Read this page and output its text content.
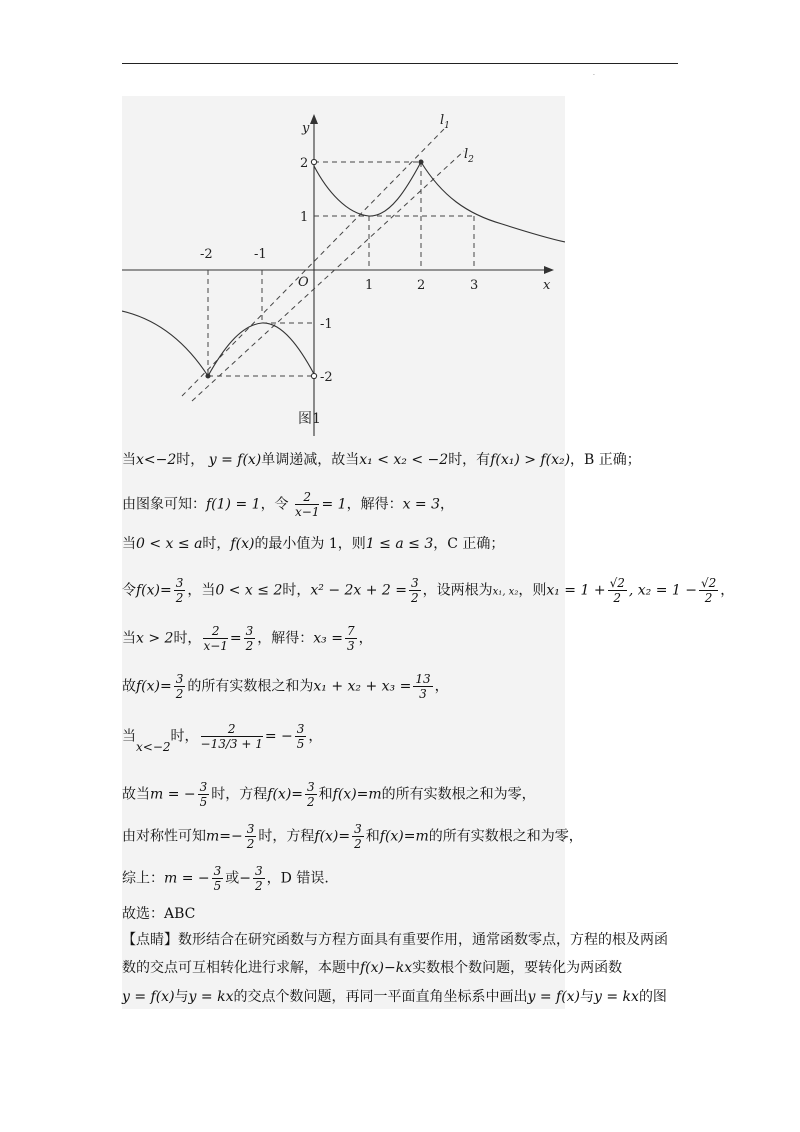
·
y
x
O
$l_1$
$l_2$
-2	-1
1	2	3
2
1
-1
-2
图1
当x<−2时， y = f(x)单调递减，故当x₁ < x₂ < −2时，有f(x₁) > f(x₂)，B 正确；
由图象可知：f(1) = 1，令 $\frac{2}{x-1} = 1$，解得：x = 3，
当0 < x ≤ a时，f(x)的最小值为 1，则1 ≤ a ≤ 3，C 正确；
令$f(x)= \frac{3}{2}$ ，当0 < x ≤ 2时，$x^2 - 2x + 2 = \frac{3}{2}$ ，设两根为x₁, x₂，则$x_1 = 1 + \frac{√2}{2}$ , $x_2 = 1 - \frac{√2}{2}$ ，
当x > 2时， $\frac{2}{x-1} = \frac{3}{2}$ ，解得：$x_3 = \frac{7}{3}$ ，
故$f(x)= \frac{3}{2}$ 的所有实数根之和为$x_1 + x_2 + x_3 = \frac{13}{3}$ ，
当x<−2时， $\frac{2}{-13/3 + 1}$ = − $\frac{3}{5}$ ，
故当m = − $\frac{3}{5}$ 时，方程$f(x)= \frac{3}{2}$ 和f(x)=m的所有实数根之和为零，
由对称性可知$m=- \frac{3}{2}$ 时，方程$f(x)= \frac{3}{2}$ 和f(x)=m的所有实数根之和为零，
综上：m = − $\frac{3}{5}$ 或− $\frac{3}{2}$ ，D 错误.
故选：ABC
【点睛】数形结合在研究函数与方程方面具有重要作用，通常函数零点，方程的根及两函
数的交点可互相转化进行求解，本题中f(x)−kx实数根个数问题，要转化为两函数
y = f(x)与y = kx的交点个数问题，再同一平面直角坐标系中画出y = f(x)与y = kx的图
